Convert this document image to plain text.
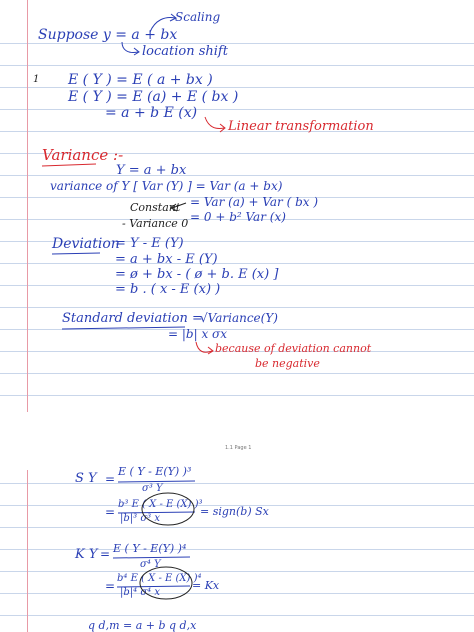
Suppose y = a + bx
Scaling
location shift
1 E ( Y ) = E ( a + bx )
E ( Y ) = E (a) + E ( bx )
= a + b E (x)
Linear transformation
Variance :-
Y = a + bx
variance of Y [ Var (Y) ] = Var (a + bx)
= Var (a) + Var ( bx )
= 0 + b² Var (x)
Constant
- Variance 0
Deviation
= Y - E (Y)
= a + bx - E (Y)
= ø + bx - ( ø + b. E (x) ]
= b . ( x - E (x) )
Standard deviation =
√Variance(Y)
= |b| x σx
because of deviation cannot
be negative
1.1 Page 1
S Y =
E ( Y - E(Y) )³
σ³ Y
=
b³ E ( X - E (X) )³
|b|³ σ³ x
= sign(b) Sx
K Y = E ( Y - E(Y) )⁴
σ⁴ Y
=
b⁴ E ( X - E (X) )⁴
|b|⁴ σ⁴ x
= Kx
q d,m = a + b q d,x
